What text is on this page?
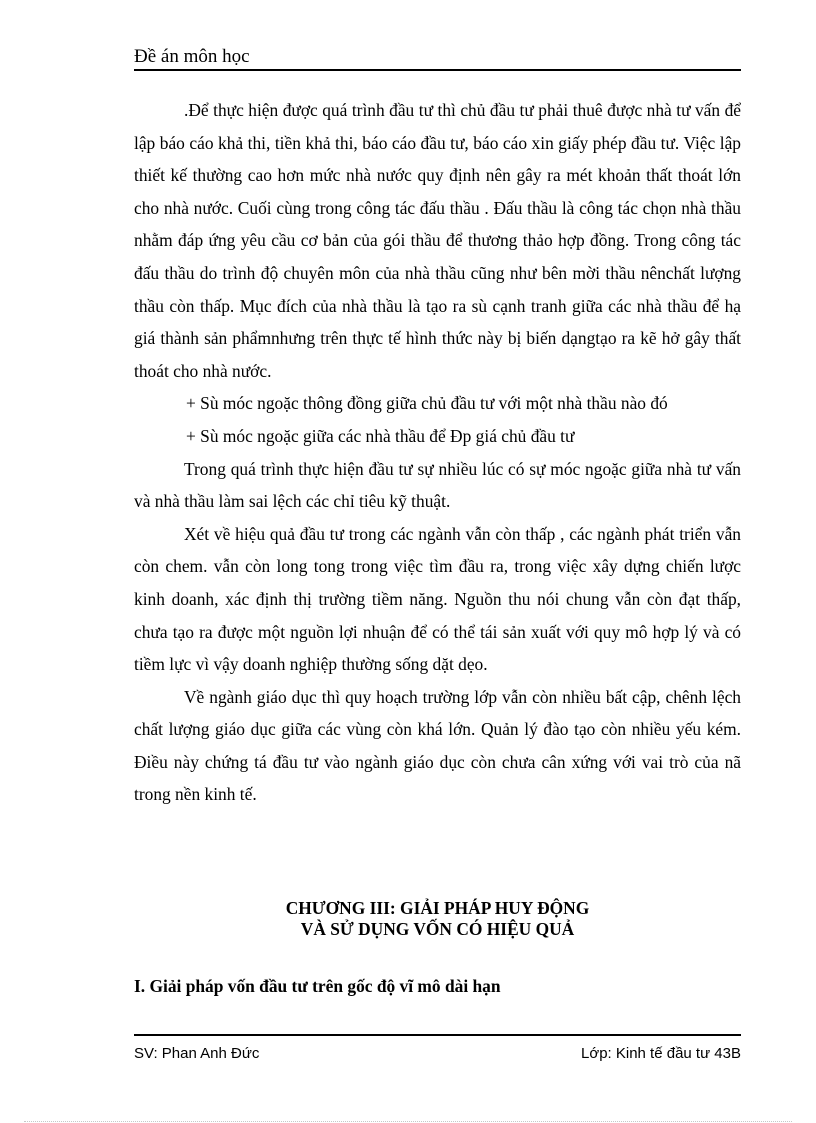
Đề án môn học

.Để thực hiện được quá trình đầu tư thì chủ đầu tư phải thuê được nhà tư vấn để lập báo cáo khả thi, tiền khả thi, báo cáo đầu tư, báo cáo xin giấy phép đầu tư. Việc lập thiết kế thường cao hơn mức nhà nước quy định nên gây ra mét khoản thất thoát lớn cho nhà nước. Cuối cùng trong công tác đấu thầu . Đấu thầu là công tác chọn nhà thầu nhằm đáp ứng yêu cầu cơ bản của gói thầu để thương thảo hợp đồng. Trong công tác đấu thầu do trình độ chuyên môn của nhà thầu cũng như bên mời thầu nênchất lượng thầu còn thấp. Mục đích của nhà thầu là tạo ra sù cạnh tranh giữa các nhà thầu để hạ giá thành sản phẩmnhưng trên thực tế hình thức này bị biến dạngtạo ra kẽ hở gây thất thoát cho nhà nước.

+ Sù móc ngoặc thông đồng giữa chủ đầu tư với một nhà thầu nào đó

+ Sù móc ngoặc giữa các nhà thầu để Đp giá chủ đầu tư

Trong quá trình thực hiện đầu tư sự nhiều lúc có sự móc ngoặc giữa nhà tư vấn và nhà thầu làm sai lệch các chỉ tiêu kỹ thuật.

Xét về hiệu quả đầu tư trong các ngành vẫn còn thấp , các ngành phát triển vẫn còn chem. vẫn còn long tong trong việc tìm đầu ra, trong việc xây dựng chiến lược kinh doanh, xác định thị trường tiềm năng. Nguồn thu nói chung vẫn còn đạt thấp, chưa tạo ra được một nguồn lợi nhuận để có thể tái sản xuất với quy mô hợp lý và có tiềm lực vì vậy doanh nghiệp thường sống dặt dẹo.

Về ngành giáo dục thì quy hoạch trường lớp vẫn còn nhiều bất cập, chênh lệch chất lượng giáo dục giữa các vùng còn khá lớn. Quản lý đào tạo còn nhiều yếu kém. Điều này chứng tá đầu tư vào ngành giáo dục còn chưa cân xứng với vai trò của nã trong nền kinh tế.

CHƯƠNG III: GIẢI PHÁP HUY ĐỘNG
VÀ SỬ DỤNG VỐN CÓ HIỆU QUẢ
I. Giải pháp vốn đầu tư trên gốc độ vĩ mô dài hạn
SV: Phan Anh Đức	Lớp: Kinh tế đầu tư 43B
